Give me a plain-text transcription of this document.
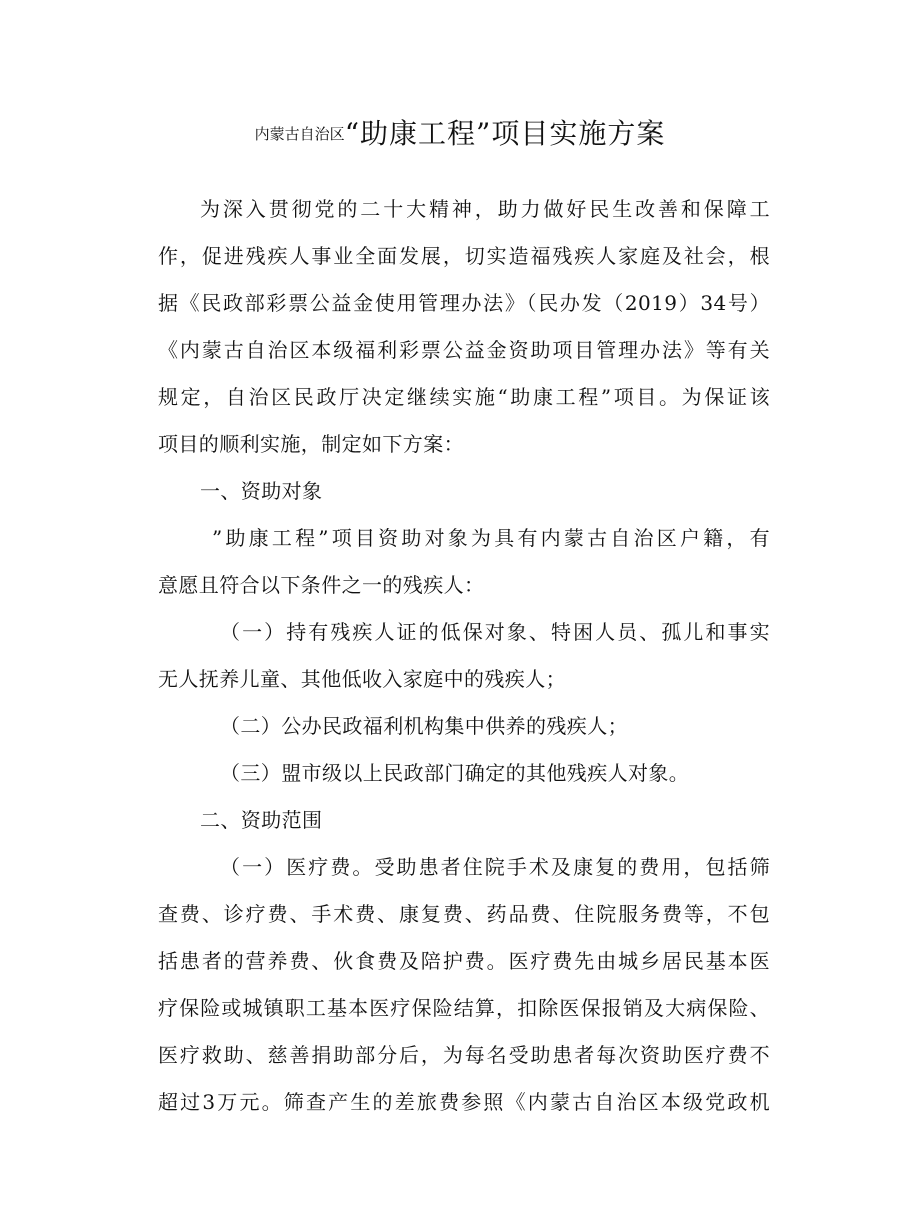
内蒙古自治区“助康工程”项目实施方案
为深入贯彻党的二十大精神，助力做好民生改善和保障工
作，促进残疾人事业全面发展，切实造福残疾人家庭及社会，根
据《民政部彩票公益金使用管理办法》（民办发（2019）34号）
《内蒙古自治区本级福利彩票公益金资助项目管理办法》等有关
规定，自治区民政厅决定继续实施“助康工程”项目。为保证该
项目的顺利实施，制定如下方案：
一、资助对象
”助康工程”项目资助对象为具有内蒙古自治区户籍，有
意愿且符合以下条件之一的残疾人：
（一）持有残疾人证的低保对象、特困人员、孤儿和事实
无人抚养儿童、其他低收入家庭中的残疾人；
（二）公办民政福利机构集中供养的残疾人；
（三）盟市级以上民政部门确定的其他残疾人对象。
二、资助范围
（一）医疗费。受助患者住院手术及康复的费用，包括筛
查费、诊疗费、手术费、康复费、药品费、住院服务费等，不包
括患者的营养费、伙食费及陪护费。医疗费先由城乡居民基本医
疗保险或城镇职工基本医疗保险结算，扣除医保报销及大病保险、
医疗救助、慈善捐助部分后，为每名受助患者每次资助医疗费不
超过3万元。筛查产生的差旅费参照《内蒙古自治区本级党政机
